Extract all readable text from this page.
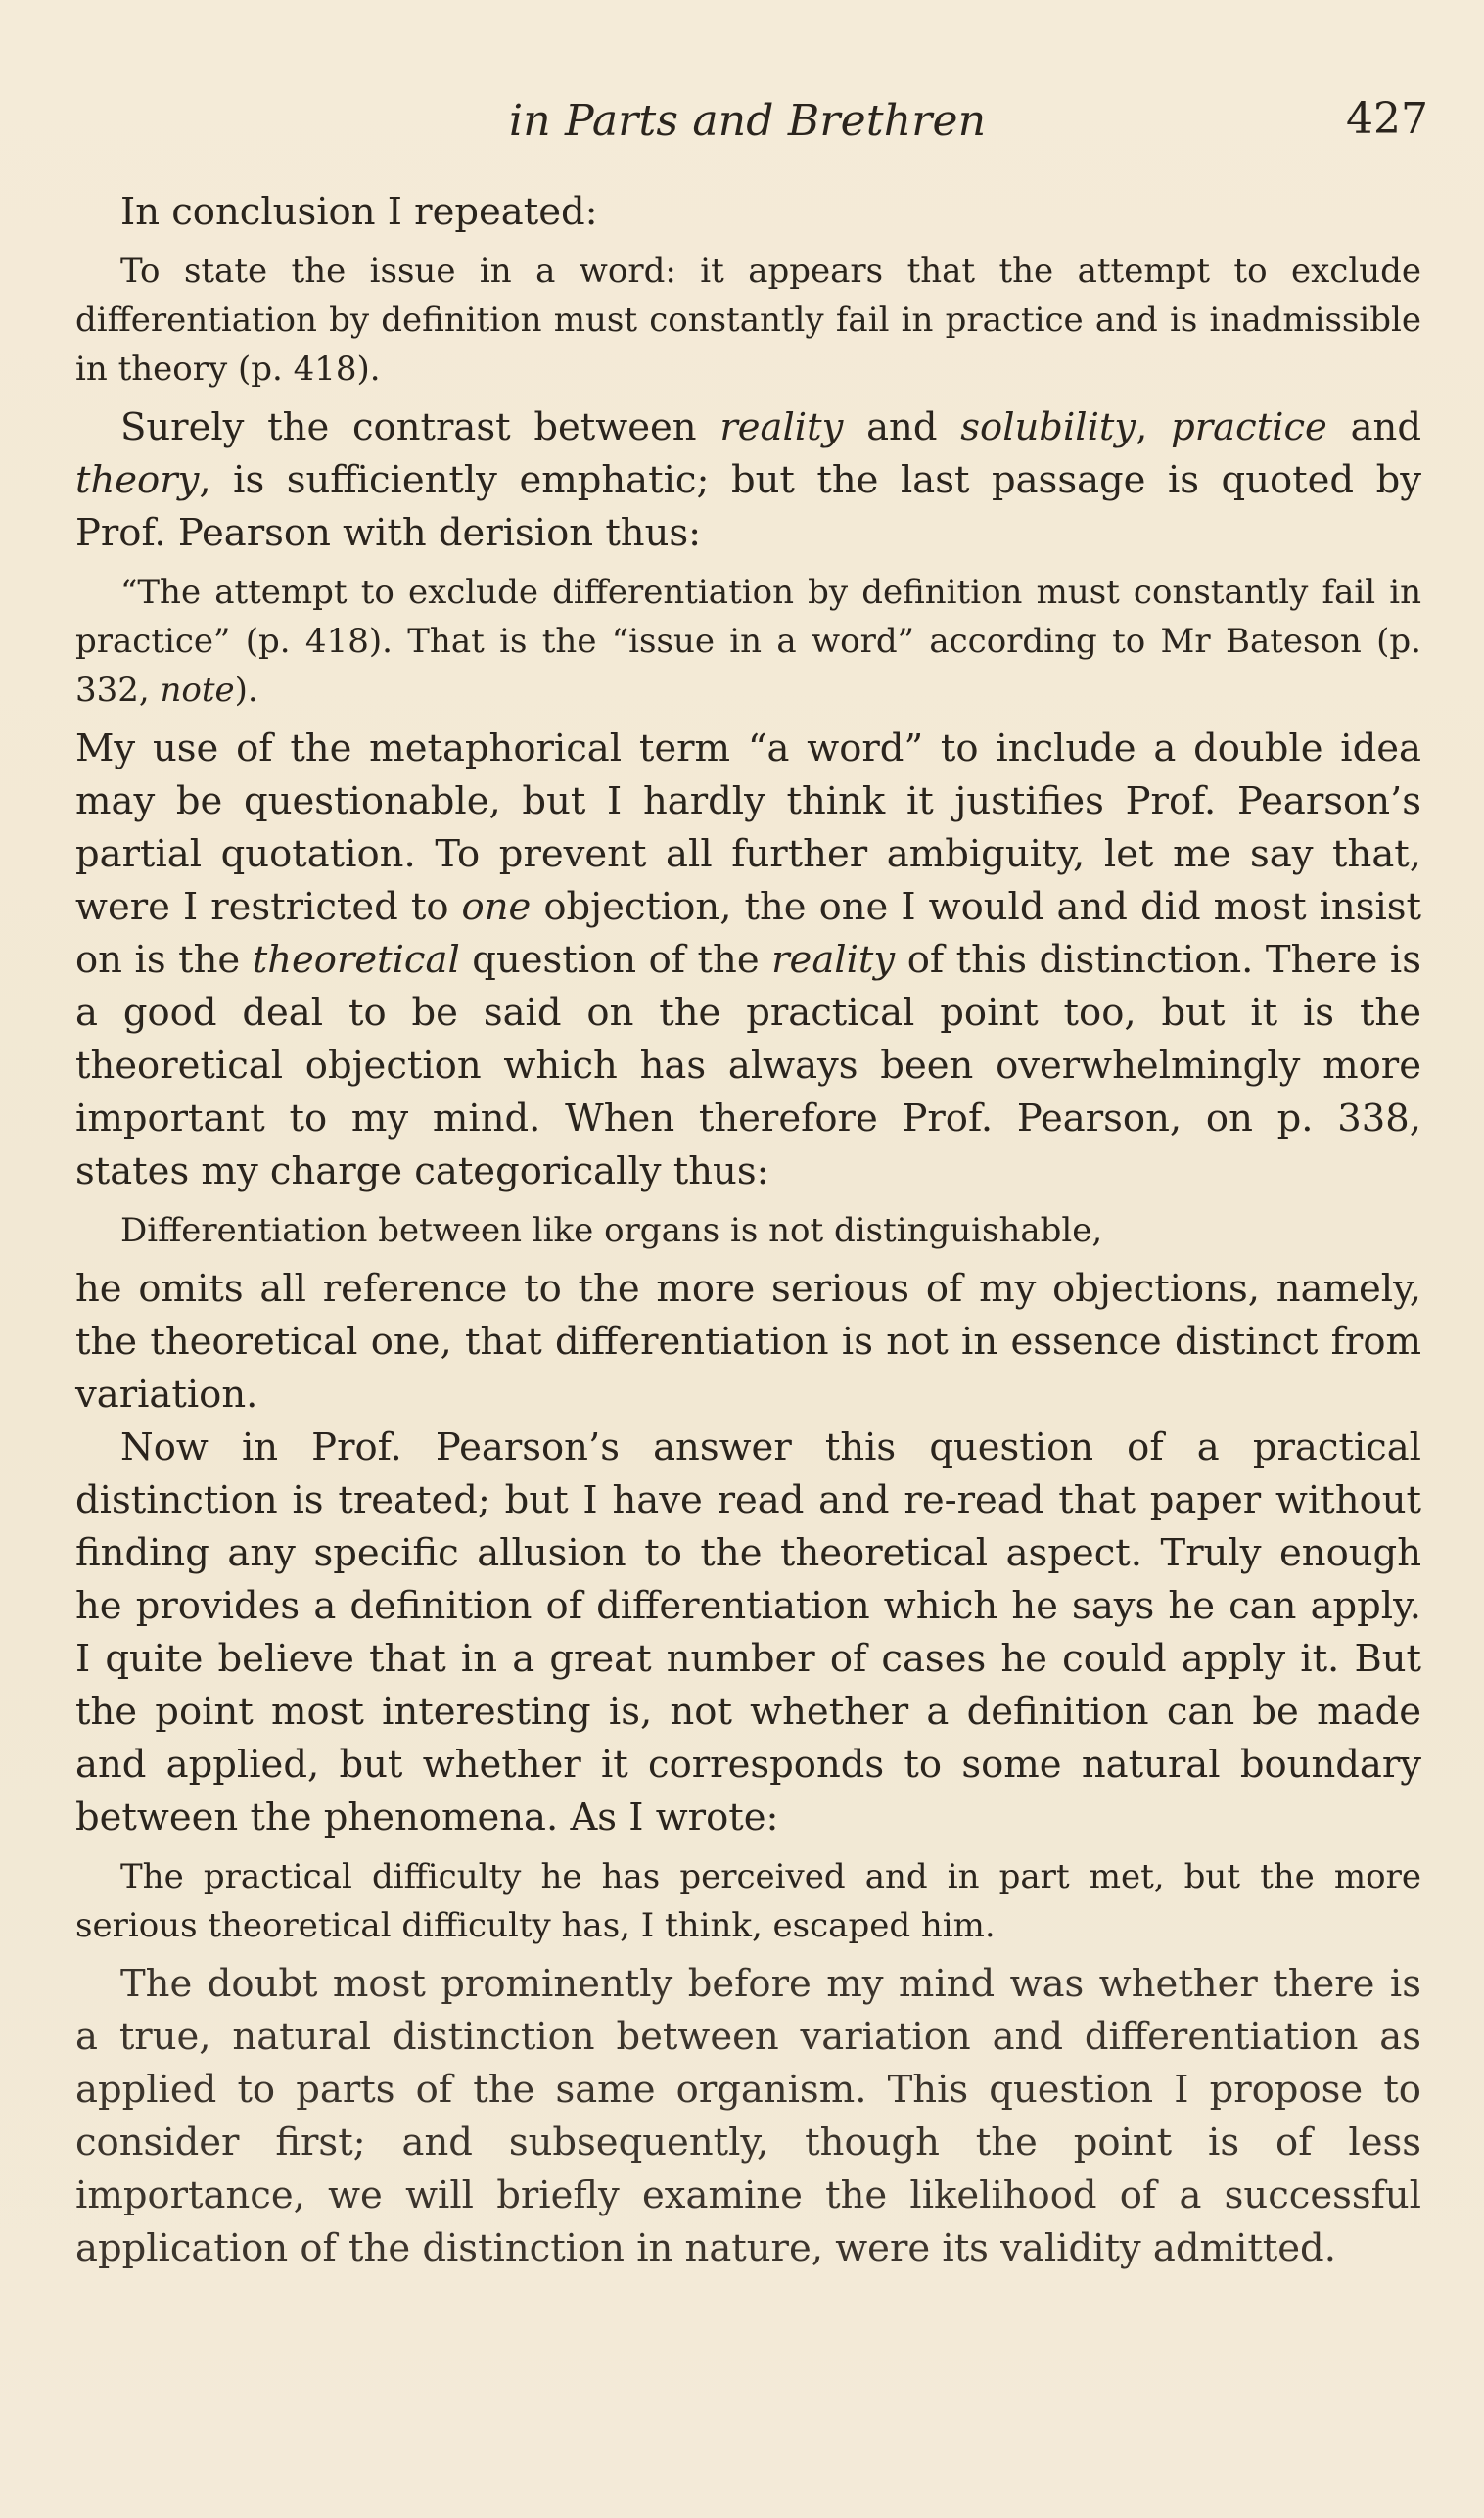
in Parts and Brethren	427

In conclusion I repeated:

To state the issue in a word: it appears that the attempt to exclude differentiation by definition must constantly fail in practice and is inadmissible in theory (p. 418).

Surely the contrast between reality and solubility, practice and theory, is sufficiently emphatic; but the last passage is quoted by Prof. Pearson with derision thus:

“The attempt to exclude differentiation by definition must constantly fail in practice” (p. 418). That is the “issue in a word” according to Mr Bateson (p. 332, note).

My use of the metaphorical term “a word” to include a double idea may be questionable, but I hardly think it justifies Prof. Pearson’s partial quotation. To prevent all further ambiguity, let me say that, were I restricted to one objection, the one I would and did most insist on is the theoretical question of the reality of this distinction. There is a good deal to be said on the practical point too, but it is the theoretical objection which has always been overwhelmingly more important to my mind. When therefore Prof. Pearson, on p. 338, states my charge categorically thus:

Differentiation between like organs is not distinguishable,

he omits all reference to the more serious of my objections, namely, the theoretical one, that differentiation is not in essence distinct from variation.

Now in Prof. Pearson’s answer this question of a practical distinction is treated; but I have read and re-read that paper without finding any specific allusion to the theoretical aspect. Truly enough he provides a definition of differentiation which he says he can apply. I quite believe that in a great number of cases he could apply it. But the point most interesting is, not whether a definition can be made and applied, but whether it corresponds to some natural boundary between the phenomena. As I wrote:

The practical difficulty he has perceived and in part met, but the more serious theoretical difficulty has, I think, escaped him.

The doubt most prominently before my mind was whether there is a true, natural distinction between variation and differentiation as applied to parts of the same organism. This question I propose to consider first; and subsequently, though the point is of less importance, we will briefly examine the likelihood of a successful application of the distinction in nature, were its validity admitted.
